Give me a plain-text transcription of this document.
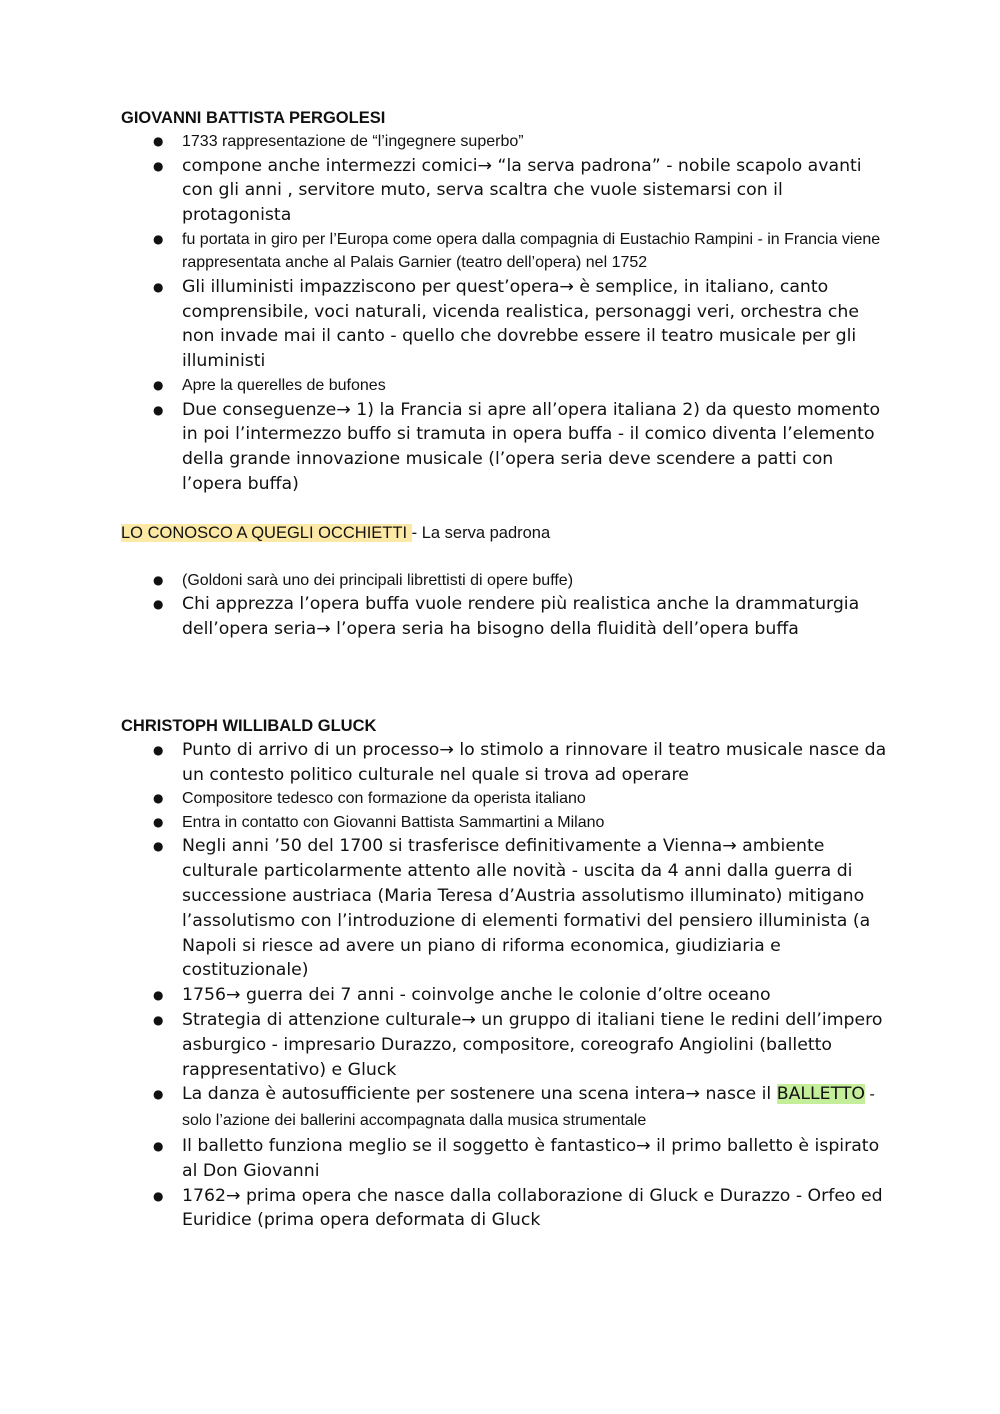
GIOVANNI BATTISTA PERGOLESI
● 1733 rappresentazione de “l’ingegnere superbo”
● compone anche intermezzi comici→ “la serva padrona” - nobile scapolo avanti con gli anni , servitore muto, serva scaltra che vuole sistemarsi con il protagonista
● fu portata in giro per l’Europa come opera dalla compagnia di Eustachio Rampini - in Francia viene rappresentata anche al Palais Garnier (teatro dell’opera) nel 1752
● Gli illuministi impazziscono per quest’opera→ è semplice, in italiano, canto comprensibile, voci naturali, vicenda realistica, personaggi veri, orchestra che non invade mai il canto - quello che dovrebbe essere il teatro musicale per gli illuministi
● Apre la querelles de bufones
● Due conseguenze→ 1) la Francia si apre all’opera italiana 2) da questo momento in poi l’intermezzo buffo si tramuta in opera buffa - il comico diventa l’elemento della grande innovazione musicale (l’opera seria deve scendere a patti con l’opera buffa)

LO CONOSCO A QUEGLI OCCHIETTI - La serva padrona

● (Goldoni sarà uno dei principali librettisti di opere buffe)
● Chi apprezza l’opera buffa vuole rendere più realistica anche la drammaturgia dell’opera seria→ l’opera seria ha bisogno della fluidità dell’opera buffa
CHRISTOPH WILLIBALD GLUCK
● Punto di arrivo di un processo→ lo stimolo a rinnovare il teatro musicale nasce da un contesto politico culturale nel quale si trova ad operare
● Compositore tedesco con formazione da operista italiano
● Entra in contatto con Giovanni Battista Sammartini a Milano
● Negli anni ’50 del 1700 si trasferisce definitivamente a Vienna→ ambiente culturale particolarmente attento alle novità - uscita da 4 anni dalla guerra di successione austriaca (Maria Teresa d’Austria assolutismo illuminato) mitigano l’assolutismo con l’introduzione di elementi formativi del pensiero illuminista (a Napoli si riesce ad avere un piano di riforma economica, giudiziaria e costituzionale)
● 1756→ guerra dei 7 anni - coinvolge anche le colonie d’oltre oceano
● Strategia di attenzione culturale→ un gruppo di italiani tiene le redini dell’impero asburgico - impresario Durazzo, compositore, coreografo Angiolini (balletto rappresentativo) e Gluck
● La danza è autosufficiente per sostenere una scena intera→ nasce il BALLETTO - solo l’azione dei ballerini accompagnata dalla musica strumentale
● Il balletto funziona meglio se il soggetto è fantastico→ il primo balletto è ispirato al Don Giovanni
● 1762→ prima opera che nasce dalla collaborazione di Gluck e Durazzo - Orfeo ed Euridice (prima opera deformata di Gluck
